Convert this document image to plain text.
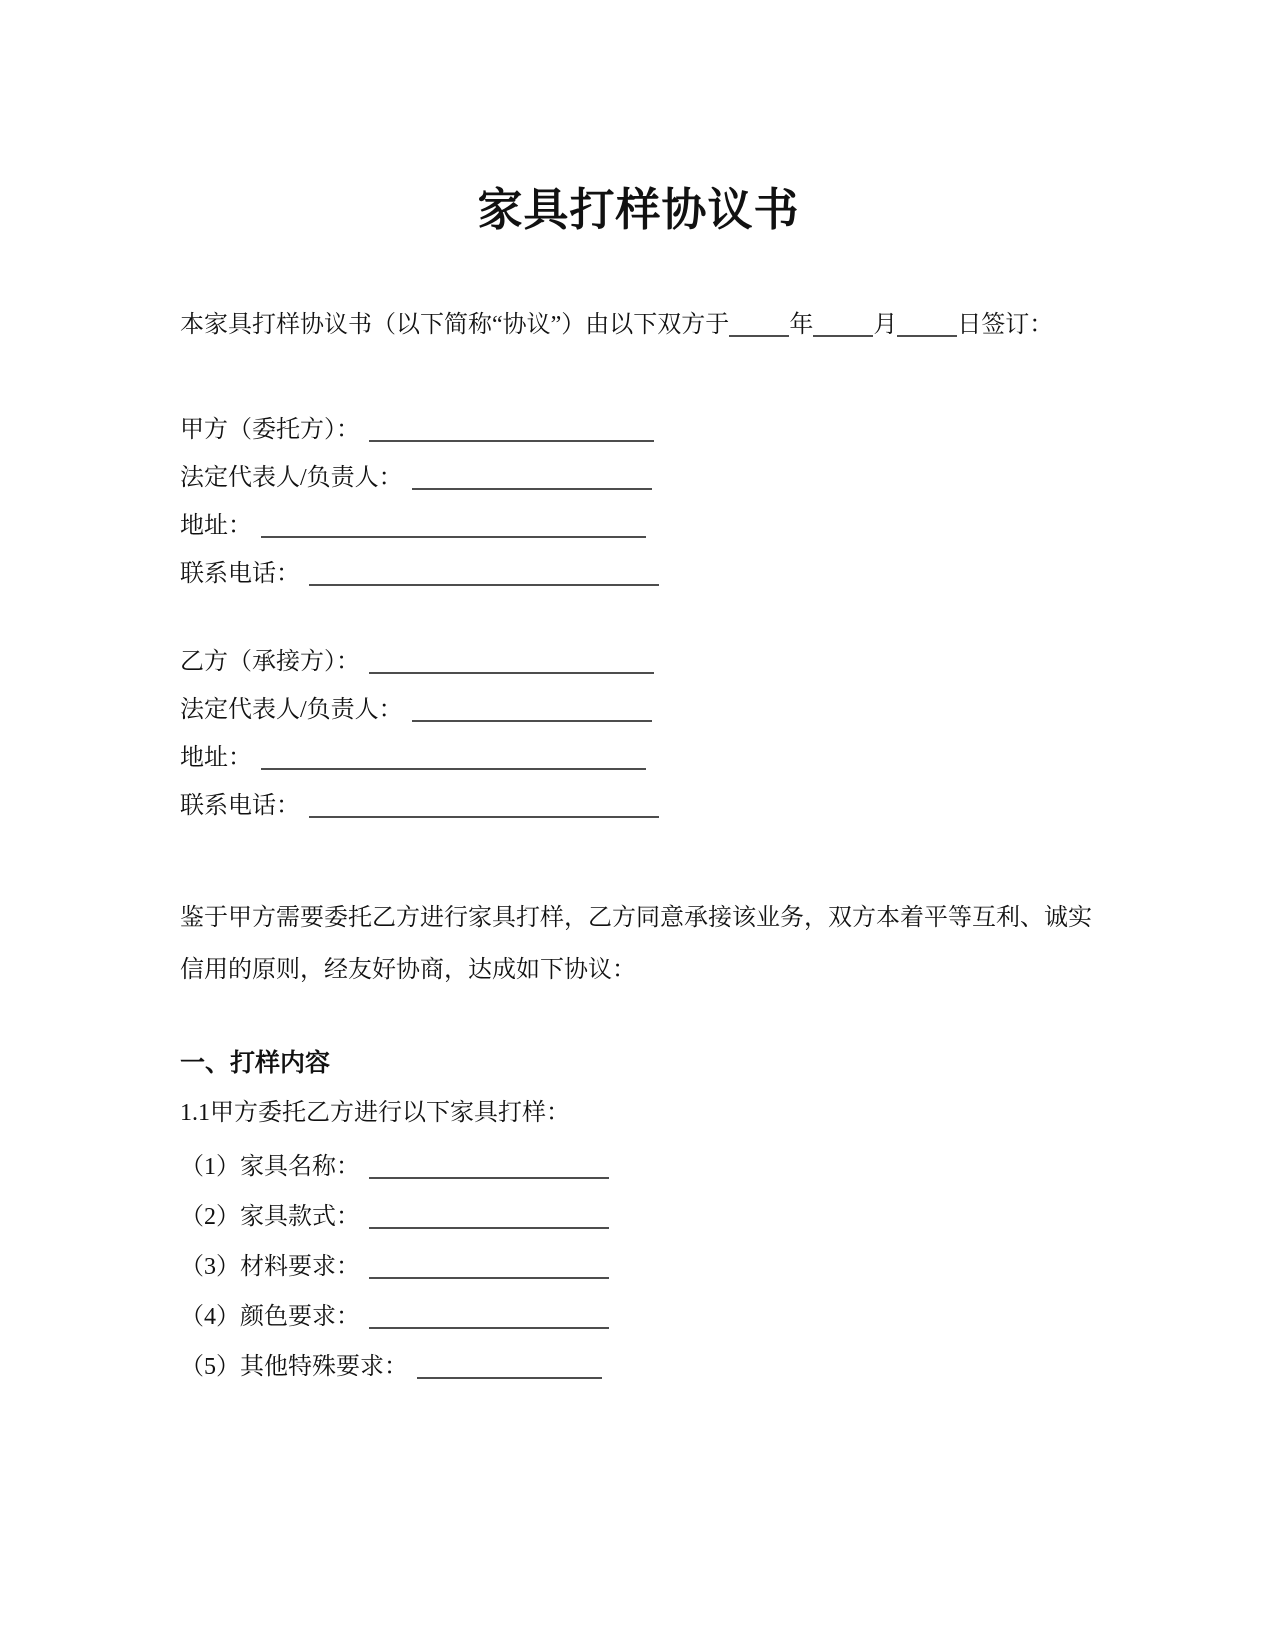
家具打样协议书

本家具打样协议书（以下简称“协议”）由以下双方于	年	月	日签订：

甲方（委托方）：
法定代表人/负责人：
地址：
联系电话：
乙方（承接方）：
法定代表人/负责人：
地址：
联系电话：

鉴于甲方需要委托乙方进行家具打样，乙方同意承接该业务，双方本着平等互利、诚实信用的原则，经友好协商，达成如下协议：

一、打样内容

1.1甲方委托乙方进行以下家具打样：

（1）家具名称：
（2）家具款式：
（3）材料要求：
（4）颜色要求：
（5）其他特殊要求：
